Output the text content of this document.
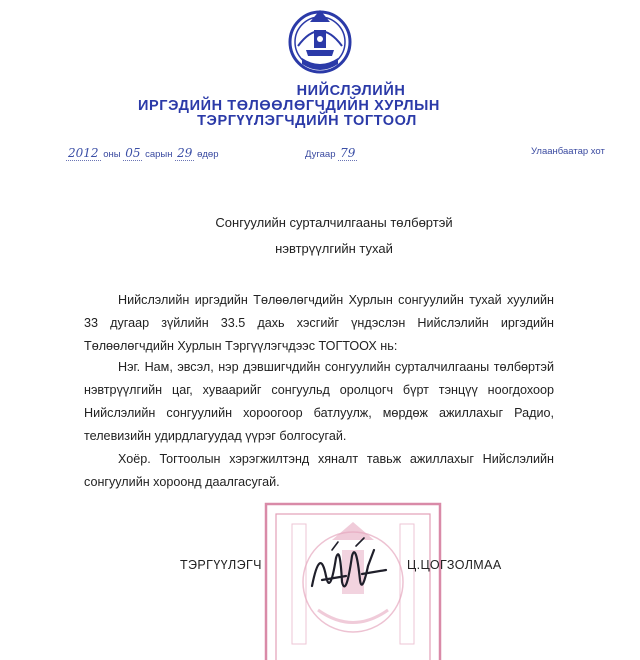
НИЙСЛЭЛИЙН
ИРГЭДИЙН ТӨЛӨӨЛӨГЧДИЙН ХУРЛЫН
ТЭРГҮҮЛЭГЧДИЙН ТОГТООЛ
2012 оны 05 сарын 29 өдөр	Дугаар 79	Улаанбаатар хот
Сонгуулийн сурталчилгааны төлбөртэй
нэвтрүүлгийн тухай

Нийслэлийн иргэдийн Төлөөлөгчдийн Хурлын сонгуулийн тухай хуулийн 33 дугаар зүйлийн 33.5 дахь хэсгийг үндэслэн Нийслэлийн иргэдийн Төлөөлөгчдийн Хурлын Тэргүүлэгчдээс ТОГТООХ нь:

Нэг. Нам, эвсэл, нэр дэвшигчдийн сонгуулийн сурталчилгааны төлбөртэй нэвтрүүлгийн цаг, хуваарийг сонгуульд оролцогч бүрт тэнцүү ноогдохоор Нийслэлийн сонгуулийн хороогоор батлуулж, мөрдөж ажиллахыг Радио, телевизийн удирдлагуудад үүрэг болгосугай.

Хоёр. Тогтоолын хэрэгжилтэнд хяналт тавьж ажиллахыг Нийслэлийн сонгуулийн хороонд даалгасугай.

ТЭРГҮҮЛЭГЧ	Ц.ЦОГЗОЛМАА
